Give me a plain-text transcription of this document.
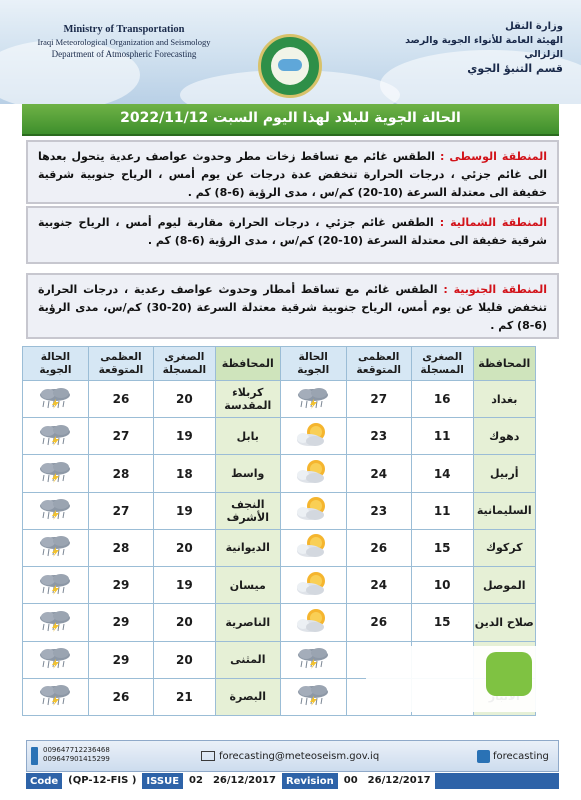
Ministry of Transportation
Iraqi Meteorological Organization and Seismology
Department of Atmospheric Forecasting
وزارة النقل
الهيئة العامة للأنواء الجوية والرصد الزلزالي
قسم التنبؤ الجوي
الحالة الجوية للبلاد لهذا اليوم السبت 2022/11/12
المنطقة الوسطى : الطقس غائم مع تساقط زخات مطر وحدوث عواصف رعدية يتحول بعدها الى غائم جزئي ، درجات الحرارة تنخفض عدة درجات عن يوم أمس ، الرياح جنوبية شرقية خفيفة الى معتدلة السرعة (10-20) كم/س ، مدى الرؤية (6-8) كم .
المنطقة الشمالية : الطقس غائم جزئي ، درجات الحرارة مقاربة ليوم أمس ، الرياح جنوبية شرقية خفيفة الى معتدلة السرعة (10-20) كم/س ، مدى الرؤية (6-8) كم .
المنطقة الجنوبية : الطقس غائم مع تساقط أمطار وحدوث عواصف رعدية ، درجات الحرارة تنخفض قليلا عن يوم أمس، الرياح جنوبية شرقية معتدلة السرعة (20-30) كم/س، مدى الرؤية (6-8) كم .
الحالة الجوية	العظمى المتوقعة	الصغرى المسجلة	المحافظة	الحالة الجوية	العظمى المتوقعة	الصغرى المسجلة	المحافظة
	26	20	كربلاء المقدسة		27	16	بغداد
	27	19	بابل		23	11	دهوك
	28	18	واسط		24	14	أربيل
	27	19	النجف الأشرف		23	11	السليمانية
	28	20	الديوانية		26	15	كركوك
	29	19	ميسان		24	10	الموصل
	29	20	الناصرية		26	15	صلاح الدين
	29	20	المثنى				
	26	21	البصرة				
009647712236468
009647901415299	forecasting@meteoseism.gov.iq	forecasting
Code	(QP-12-FIS )	ISSUE	02	26/12/2017	Revision	00	26/12/2017
